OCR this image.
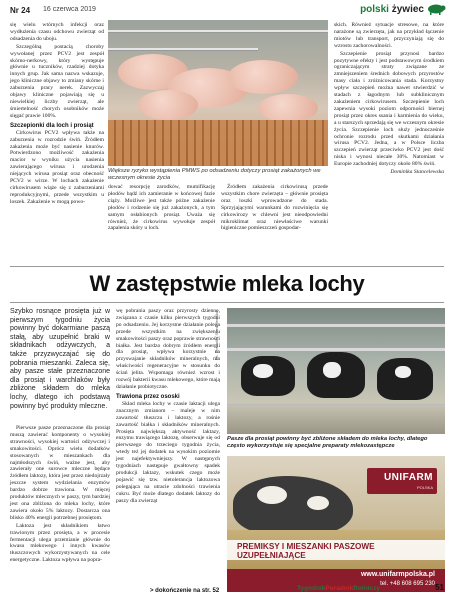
Nr 24 16 czerwca 2019	polski żywiec

się wielu wtórnych infekcji oraz wydłużenia czasu odchowu zwierząt od odsadzenia do uboju.

Szczególną postacią choroby wywołanej przez PCV2 jest zespół skórno-nerkowy, który występuje głównie u tuczników, rzadziej dotyka innych grup. Jak sama nazwa wskazuje, jego kliniczne objawy to zmiany skórne i zaburzenia pracy nerek. Zazwyczaj objawy kliniczne pojawiają się u niewielkiej liczby zwierząt, ale śmiertelność chorych osobników może sięgać prawie 100%.

Szczepionki dla loch i prosiąt

Cirkowirus PCV2 wpływa także na zaburzenia w rozrodzie świń. Źródłem zakażenia może być nasienie knurów. Potwierdzono możliwość zakażenia macior w wyniku użycia nasienia zawierającego wirusa i urodzenia niejących wirusa prosiąt oraz obecność PCV2 w wirze. W lochach zakażenie cirkowirusem wiąże się z zaburzeniami reprodukcyjnymi, przede wszystkim u loszek. Zakażenie w mogą powo-

Większe ryzyko wystąpienia PMWS po odsadzeniu dotyczy prosiąt zakażonych we wczesnym okresie życia

dować resorpcję zarodków, mumifikację płodów bądź ich zamieranie w końcowej fazie ciąży. Możliwe jest także późne zakażenie płodów i rodzenie się już zakażonych, a tym samym osłabionych prosiąt. Uważa się również, że cirkowirus wywołuje zespół zapalenia skóry u loch.

Źródłem zakażenia cirkowirusą przede wszystkim chore zwierzęta – głównie prosięta oraz loszki wprowadzone do stada. Sprzyjającymi warunkami do rozwinięcia się cirkowirozy w chlewni jest nieodpowiedni mikroklimat oraz niewłaściwe warunki higieniczne pomieszczeń gospodar-

skich. Również sytuacje stresowe, na które narażone są zwierzęta, jak na przykład łączenie miotów lub transport, przyczyniają się do wzrostu zachorowalności.

Szczepienie prosiąt przynosi bardzo pozytywne efekty i jest podstawowym środkiem ograniczającym straty związane ze zmniejszeniem średnich dobowych przyrostów masy ciała i zróżnicowania stada. Korzystny wpływ szczepień można nawet stwierdzić w stadach z łagodnym lub subklinicznym zakażeniem cirkowirusem. Szczepienie loch zapewnia wysoki poziom odporności biernej prosiąt przez okres ssania i karmienia do wieku, a u starszych sprzedają się we wczesnym okresie życia. Szczepienie loch służy jednocześnie ochronie rozrodu przed skutkami działania wirusa PCV2. Jedna, a w Polsce liczba szczepień zwierząt przeciwko PCV2 jest dość niska i wynosi niecałe 30%. Natomiast w Europie zachodniej dotyczy około 80% świń.

Dominika Stancelewska
W zastępstwie mleka lochy
Szybko rosnące prosięta już w pierwszym tygodniu życia powinny być dokarmiane paszą stałą, aby uzupełnić braki w składnikach odżywczych, a także przyzwyczajać się do pobrania mieszanki. Zaleca się, aby pasze stałe przeznaczone dla prosiąt i warchlaków były zbliżone składem do mleka lochy, dlatego ich podstawą powinny być produkty mleczne.

Pierwsze pasze przeznaczone dla prosiąt muszą zawierać komponenty o wysokiej strawności, wysokiej wartości odżywczej i smakowitości. Oprócz wielu dodatków stosowanych w mieszankach dla najmłodszych świń, ważne jest, aby zawierały one surowce mleczne będące źródłem laktozy, która jest przez niedojrzały jeszcze system wydzielania enzymów bardzo dobrze trawiona. W mięcej produktów mlecznych w paszy, tym bardziej jest ona zbliżona do mleka lochy, które zawiera około 5% laktozy. Dostarcza ona blisko 40% energii potrzebnej prosiętom.

Laktoza jest składnikiem łatwo trawionym przez prosięta, a w procesie fermentacji ulega przemianie głównie do kwasu mlekowego i innych kwasów tłuszczowych wykorzystywanych na cele energetyczne. Laktoza wpływa na popra-

wę pobrania paszy oraz przyrosty dzienne, związana z czasie kilku pierwszych tygodni po odsadzeniu. Jej korzystne działanie polega przede wszystkim na zwiększeniu smakowitości paszy oraz poprawie strawności białka. Jest bardzo dobrym źródłem energii dla prosiąt, wpływa korzystnie na przyswajanie składników mineralnych, ma właściwości regeneracyjne w stosunku do ściań jelita. Wspomaga również wzrost i rozwój bakterii kwasu mlekowego, które mają działanie probiotyczne.

Trawiona przez ososki

Skład mleka lochy w czasie laktacji ulega znacznym zmianom – maleje w nim zawartość tłuszczu i laktozy, a rośnie zawartość białka i składników mineralnych. Prosięta największą aktywność laktazy, enzymu trawiącego laktozę, obserwuje się od pierwszego do trzeciego tygodnia życia, wtedy też jej dodatek na wysokim poziomie jest najefektywniejszy. W następnych tygodniach następuje gwałtowny spadek produkcji laktazy, wskutek czego może pojawić się tzw. nietolerancja laktozowa polegająca na utracie zdolności trawienia cukru. Być może dlatego dodatek laktozy do paszy dla zwierząt

> dokończenie na str. 52
fot. Dominika Stancelewska
Pasze dla prosiąt powinny być zbliżone składem do mleka lochy, dlatego często wykorzystuje się specjalne preparaty mlekozastępcze
UNIFARM
POLSKA
PREMIKSY I MIESZANKI PASZOWE UZUPEŁNIAJĄCE
www.unifarmpolska.pl
tel. +48 608 695 230
TygodnikPoradnikRolniczy	51
